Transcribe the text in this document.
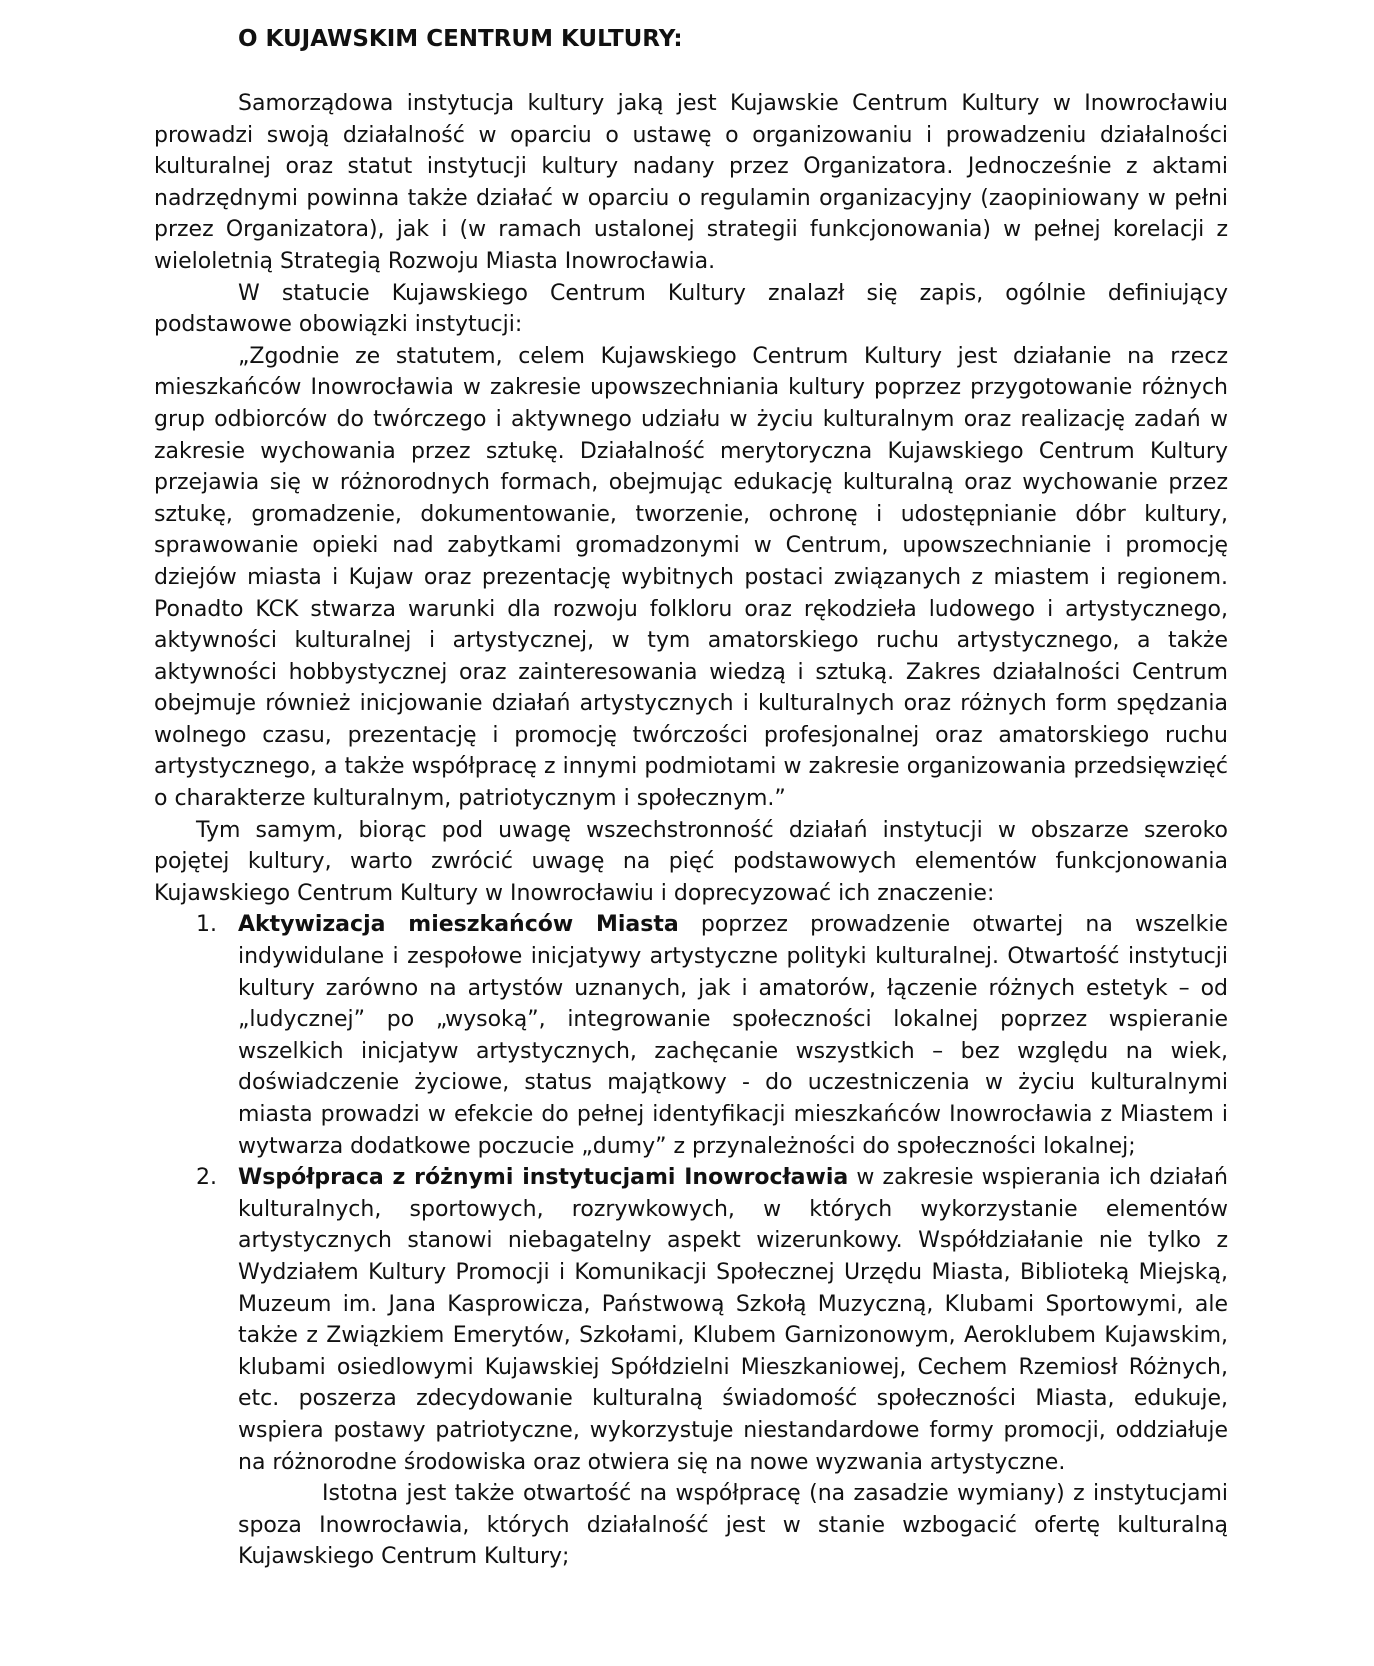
O KUJAWSKIM CENTRUM KULTURY:

Samorządowa instytucja kultury jaką jest Kujawskie Centrum Kultury w Inowrocławiu prowadzi swoją działalność w oparciu o ustawę o organizowaniu i prowadzeniu działalności kulturalnej oraz statut instytucji kultury nadany przez Organizatora. Jednocześnie z aktami nadrzędnymi powinna także działać w oparciu o regulamin organizacyjny (zaopiniowany w pełni przez Organizatora), jak i (w ramach ustalonej strategii funkcjonowania) w pełnej korelacji z wieloletnią Strategią Rozwoju Miasta Inowrocławia.

W statucie Kujawskiego Centrum Kultury znalazł się zapis, ogólnie definiujący podstawowe obowiązki instytucji:

„Zgodnie ze statutem, celem Kujawskiego Centrum Kultury jest działanie na rzecz mieszkańców Inowrocławia w zakresie upowszechniania kultury poprzez przygotowanie różnych grup odbiorców do twórczego i aktywnego udziału w życiu kulturalnym oraz realizację zadań w zakresie wychowania przez sztukę. Działalność merytoryczna Kujawskiego Centrum Kultury przejawia się w różnorodnych formach, obejmując edukację kulturalną oraz wychowanie przez sztukę, gromadzenie, dokumentowanie, tworzenie, ochronę i udostępnianie dóbr kultury, sprawowanie opieki nad zabytkami gromadzonymi w Centrum, upowszechnianie i promocję dziejów miasta i Kujaw oraz prezentację wybitnych postaci związanych z miastem i regionem. Ponadto KCK stwarza warunki dla rozwoju folkloru oraz rękodzieła ludowego i artystycznego, aktywności kulturalnej i artystycznej, w tym amatorskiego ruchu artystycznego, a także aktywności hobbystycznej oraz zainteresowania wiedzą i sztuką. Zakres działalności Centrum obejmuje również inicjowanie działań artystycznych i kulturalnych oraz różnych form spędzania wolnego czasu, prezentację i promocję twórczości profesjonalnej oraz amatorskiego ruchu artystycznego, a także współpracę z innymi podmiotami w zakresie organizowania przedsięwzięć o charakterze kulturalnym, patriotycznym i społecznym.”

Tym samym, biorąc pod uwagę wszechstronność działań instytucji w obszarze szeroko pojętej kultury, warto zwrócić uwagę na pięć podstawowych elementów funkcjonowania Kujawskiego Centrum Kultury w Inowrocławiu i doprecyzować ich znaczenie:

1. Aktywizacja mieszkańców Miasta poprzez prowadzenie otwartej na wszelkie indywidulane i zespołowe inicjatywy artystyczne polityki kulturalnej. Otwartość instytucji kultury zarówno na artystów uznanych, jak i amatorów, łączenie różnych estetyk – od „ludycznej” po „wysoką”, integrowanie społeczności lokalnej poprzez wspieranie wszelkich inicjatyw artystycznych, zachęcanie wszystkich – bez względu na wiek, doświadczenie życiowe, status majątkowy - do uczestniczenia w życiu kulturalnymi miasta prowadzi w efekcie do pełnej identyfikacji mieszkańców Inowrocławia z Miastem i wytwarza dodatkowe poczucie „dumy” z przynależności do społeczności lokalnej;

2. Współpraca z różnymi instytucjami Inowrocławia w zakresie wspierania ich działań kulturalnych, sportowych, rozrywkowych, w których wykorzystanie elementów artystycznych stanowi niebagatelny aspekt wizerunkowy. Współdziałanie nie tylko z Wydziałem Kultury Promocji i Komunikacji Społecznej Urzędu Miasta, Biblioteką Miejską, Muzeum im. Jana Kasprowicza, Państwową Szkołą Muzyczną, Klubami Sportowymi, ale także z Związkiem Emerytów, Szkołami, Klubem Garnizonowym, Aeroklubem Kujawskim, klubami osiedlowymi Kujawskiej Spółdzielni Mieszkaniowej, Cechem Rzemiosł Różnych, etc. poszerza zdecydowanie kulturalną świadomość społeczności Miasta, edukuje, wspiera postawy patriotyczne, wykorzystuje niestandardowe formy promocji, oddziałuje na różnorodne środowiska oraz otwiera się na nowe wyzwania artystyczne.

Istotna jest także otwartość na współpracę (na zasadzie wymiany) z instytucjami spoza Inowrocławia, których działalność jest w stanie wzbogacić ofertę kulturalną Kujawskiego Centrum Kultury;
